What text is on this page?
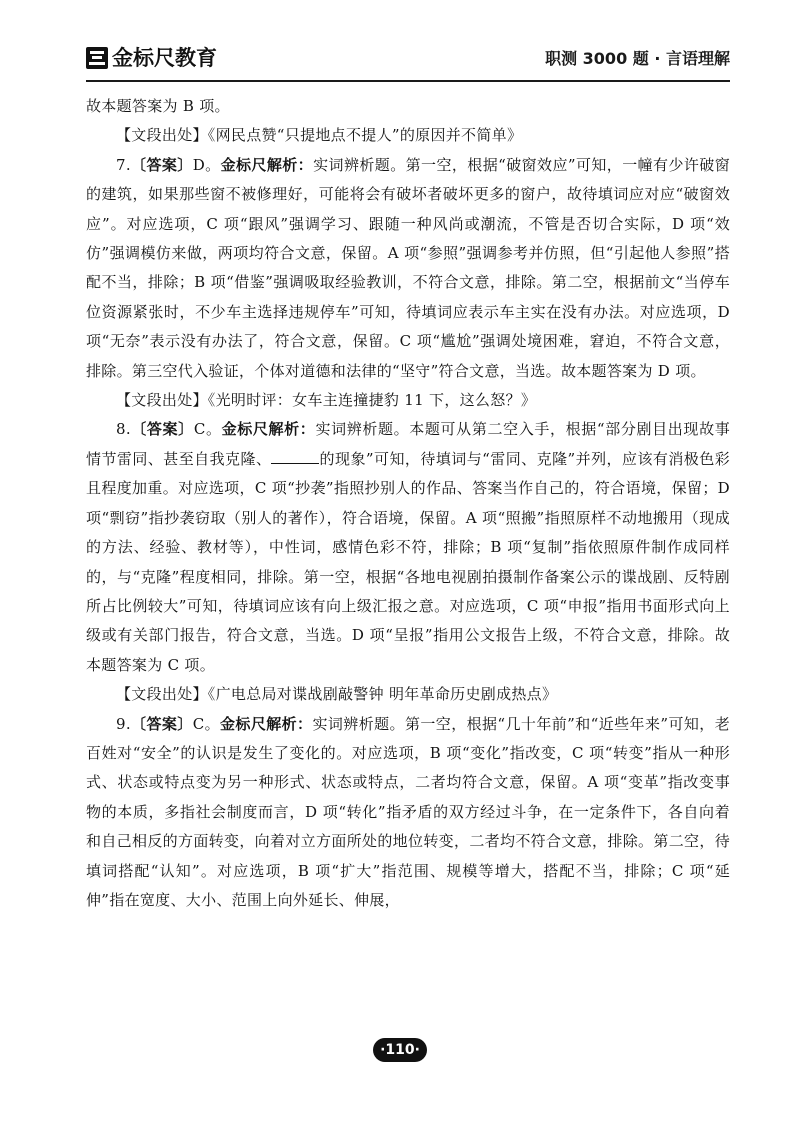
金标尺教育	职测 3000 题 · 言语理解

故本题答案为 B 项。

【文段出处】《网民点赞“只提地点不提人”的原因并不简单》

7.〔答案〕D。金标尺解析：实词辨析题。第一空，根据“破窗效应”可知，一幢有少许破窗的建筑，如果那些窗不被修理好，可能将会有破坏者破坏更多的窗户，故待填词应对应“破窗效应”。对应选项，C 项“跟风”强调学习、跟随一种风尚或潮流，不管是否切合实际，D 项“效仿”强调模仿来做，两项均符合文意，保留。A 项“参照”强调参考并仿照，但“引起他人参照”搭配不当，排除；B 项“借鉴”强调吸取经验教训，不符合文意，排除。第二空，根据前文“当停车位资源紧张时，不少车主选择违规停车”可知，待填词应表示车主实在没有办法。对应选项，D 项“无奈”表示没有办法了，符合文意，保留。C 项“尴尬”强调处境困难，窘迫，不符合文意，排除。第三空代入验证，个体对道德和法律的“坚守”符合文意，当选。故本题答案为 D 项。

【文段出处】《光明时评：女车主连撞捷豹 11 下，这么怒？》

8.〔答案〕C。金标尺解析：实词辨析题。本题可从第二空入手，根据“部分剧目出现故事情节雷同、甚至自我克隆、	的现象”可知，待填词与“雷同、克隆”并列，应该有消极色彩且程度加重。对应选项，C 项“抄袭”指照抄别人的作品、答案当作自己的，符合语境，保留；D 项“剽窃”指抄袭窃取（别人的著作），符合语境，保留。A 项“照搬”指照原样不动地搬用（现成的方法、经验、教材等），中性词，感情色彩不符，排除；B 项“复制”指依照原件制作成同样的，与“克隆”程度相同，排除。第一空，根据“各地电视剧拍摄制作备案公示的谍战剧、反特剧所占比例较大”可知，待填词应该有向上级汇报之意。对应选项，C 项“申报”指用书面形式向上级或有关部门报告，符合文意，当选。D 项“呈报”指用公文报告上级，不符合文意，排除。故本题答案为 C 项。

【文段出处】《广电总局对谍战剧敲警钟 明年革命历史剧成热点》

9.〔答案〕C。金标尺解析：实词辨析题。第一空，根据“几十年前”和“近些年来”可知，老百姓对“安全”的认识是发生了变化的。对应选项，B 项“变化”指改变，C 项“转变”指从一种形式、状态或特点变为另一种形式、状态或特点，二者均符合文意，保留。A 项“变革”指改变事物的本质，多指社会制度而言，D 项“转化”指矛盾的双方经过斗争，在一定条件下，各自向着和自己相反的方面转变，向着对立方面所处的地位转变，二者均不符合文意，排除。第二空，待填词搭配“认知”。对应选项，B 项“扩大”指范围、规模等增大，搭配不当，排除；C 项“延伸”指在宽度、大小、范围上向外延长、伸展，

·110·
